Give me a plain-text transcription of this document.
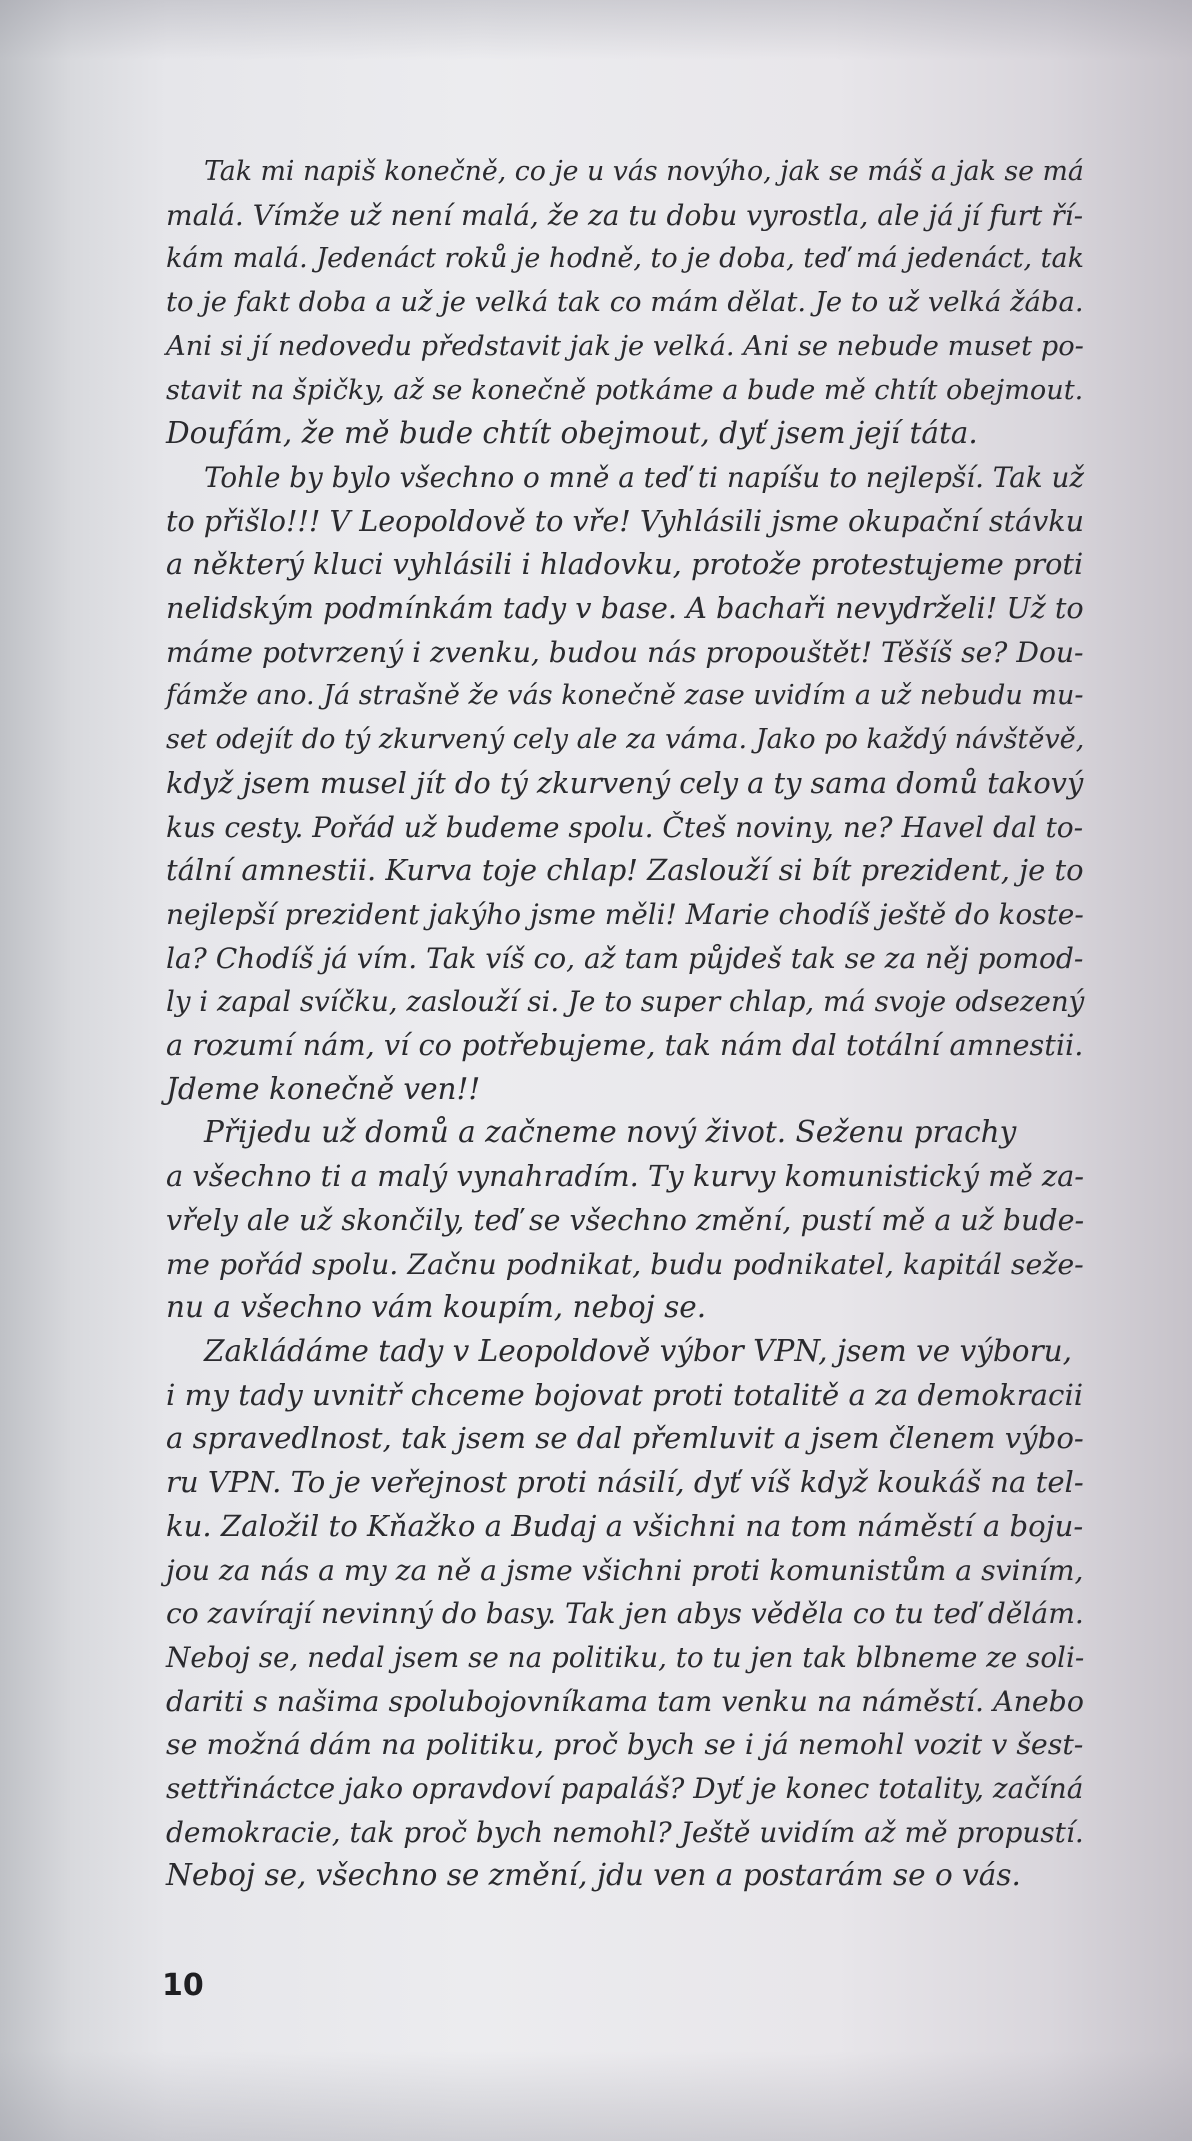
Tak mi napiš konečně, co je u vás novýho, jak se máš a jak se má
malá. Vímže už není malá, že za tu dobu vyrostla, ale já jí furt ří-
kám malá. Jedenáct roků je hodně, to je doba, teď má jedenáct, tak
to je fakt doba a už je velká tak co mám dělat. Je to už velká žába.
Ani si jí nedovedu představit jak je velká. Ani se nebude muset po-
stavit na špičky, až se konečně potkáme a bude mě chtít obejmout.
Doufám, že mě bude chtít obejmout, dyť jsem její táta.

Tohle by bylo všechno o mně a teď ti napíšu to nejlepší. Tak už
to přišlo!!! V Leopoldově to vře! Vyhlásili jsme okupační stávku
a některý kluci vyhlásili i hladovku, protože protestujeme proti
nelidským podmínkám tady v base. A bachaři nevydrželi! Už to
máme potvrzený i zvenku, budou nás propouštět! Těšíš se? Dou-
fámže ano. Já strašně že vás konečně zase uvidím a už nebudu mu-
set odejít do tý zkurvený cely ale za váma. Jako po každý návštěvě,
když jsem musel jít do tý zkurvený cely a ty sama domů takový
kus cesty. Pořád už budeme spolu. Čteš noviny, ne? Havel dal to-
tální amnestii. Kurva toje chlap! Zaslouží si bít prezident, je to
nejlepší prezident jakýho jsme měli! Marie chodíš ještě do koste-
la? Chodíš já vím. Tak víš co, až tam půjdeš tak se za něj pomod-
ly i zapal svíčku, zaslouží si. Je to super chlap, má svoje odsezený
a rozumí nám, ví co potřebujeme, tak nám dal totální amnestii.
Jdeme konečně ven!!

Přijedu už domů a začneme nový život. Seženu prachy
a všechno ti a malý vynahradím. Ty kurvy komunistický mě za-
vřely ale už skončily, teď se všechno změní, pustí mě a už bude-
me pořád spolu. Začnu podnikat, budu podnikatel, kapitál seže-
nu a všechno vám koupím, neboj se.

Zakládáme tady v Leopoldově výbor VPN, jsem ve výboru,
i my tady uvnitř chceme bojovat proti totalitě a za demokracii
a spravedlnost, tak jsem se dal přemluvit a jsem členem výbo-
ru VPN. To je veřejnost proti násilí, dyť víš když koukáš na tel-
ku. Založil to Kňažko a Budaj a všichni na tom náměstí a boju-
jou za nás a my za ně a jsme všichni proti komunistům a sviním,
co zavírají nevinný do basy. Tak jen abys věděla co tu teď dělám.
Neboj se, nedal jsem se na politiku, to tu jen tak blbneme ze soli-
dariti s našima spolubojovníkama tam venku na náměstí. Anebo
se možná dám na politiku, proč bych se i já nemohl vozit v šest-
settřináctce jako opravdoví papaláš? Dyť je konec totality, začíná
demokracie, tak proč bych nemohl? Ještě uvidím až mě propustí.
Neboj se, všechno se změní, jdu ven a postarám se o vás.

10
